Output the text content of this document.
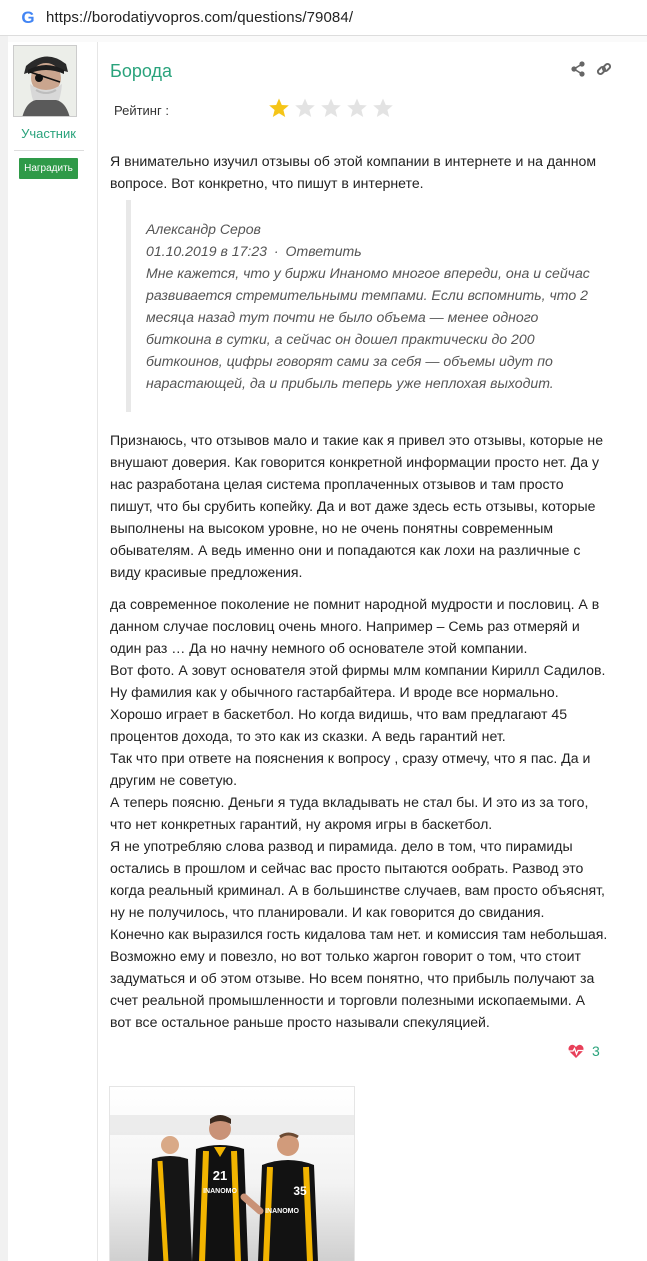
G https://borodatiyvopros.com/questions/79084/
Участник
Наградить
Борода
Рейтинг :
Я внимательно изучил отзывы об этой компании в интернете и на данном вопросе. Вот конкретно, что пишут в интернете.
Александр Серов
01.10.2019 в 17:23 · Ответить
Мне кажется, что у биржи Инаномо многое впереди, она и сейчас развивается стремительными темпами. Если вспомнить, что 2 месяца назад тут почти не было объема — менее одного биткоина в сутки, а сейчас он дошел практически до 200 биткоинов, цифры говорят сами за себя — объемы идут по нарастающей, да и прибыль теперь уже неплохая выходит.
Признаюсь, что отзывов мало и такие как я привел это отзывы, которые не внушают доверия. Как говорится конкретной информации просто нет. Да у нас разработана целая система проплаченных отзывов и там просто пишут, что бы срубить копейку. Да и вот даже здесь есть отзывы, которые выполнены на высоком уровне, но не очень понятны современным обывателям. А ведь именно они и попадаются как лохи на различные с виду красивые предложения.
да современное поколение не помнит народной мудрости и пословиц. А в данном случае пословиц очень много. Например – Семь раз отмеряй и один раз … Да но начну немного об основателе этой компании.
Вот фото. А зовут основателя этой фирмы млм компании Кирилл Садилов. Ну фамилия как у обычного гастарбайтера. И вроде все нормально. Хорошо играет в баскетбол. Но когда видишь, что вам предлагают 45 процентов дохода, то это как из сказки. А ведь гарантий нет.
Так что при ответе на пояснения к вопросу , сразу отмечу, что я пас. Да и другим не советую.
А теперь поясню. Деньги я туда вкладывать не стал бы. И это из за того, что нет конкретных гарантий, ну акромя игры в баскетбол.
Я не употребляю слова развод и пирамида. дело в том, что пирамиды остались в прошлом и сейчас вас просто пытаются ообрать. Развод это когда реальный криминал. А в большинстве случаев, вам просто объяснят, ну не получилось, что планировали. И как говорится до свидания.
Конечно как выразился гость кидалова там нет. и комиссия там небольшая. Возможно ему и повезло, но вот только жаргон говорит о том, что стоит задуматься и об этом отзыве. Но всем понятно, что прибыль получают за счет реальной промышленности и торговли полезными ископаемыми. А вот все остальное раньше просто называли спекуляцией.
3
21
INANOMO	35
INANOMO
